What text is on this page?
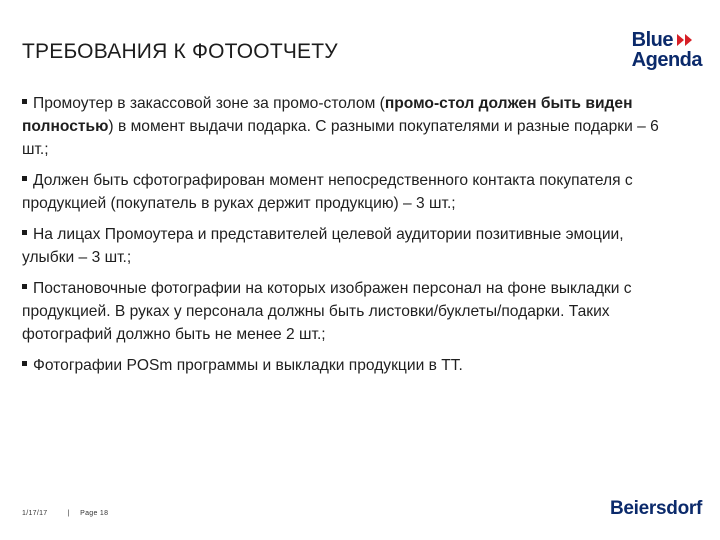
ТРЕБОВАНИЯ К ФОТООТЧЕТУ	Blue
Agenda
Промоутер в закассовой зоне за промо-столом (промо-стол должен быть виден полностью) в момент выдачи подарка. С разными покупателями и разные подарки – 6 шт.;
Должен быть сфотографирован момент непосредственного контакта покупателя с продукцией (покупатель в руках держит продукцию) – 3 шт.;
На лицах Промоутера и представителей целевой аудитории позитивные эмоции, улыбки – 3 шт.;
Постановочные фотографии на которых изображен персонал на фоне выкладки с продукцией. В руках у персонала должны быть листовки/буклеты/подарки. Таких фотографий должно быть не менее 2 шт.;
Фотографии POSm программы и выкладки продукции в ТТ.
1/17/17	| Page 18	Beiersdorf
